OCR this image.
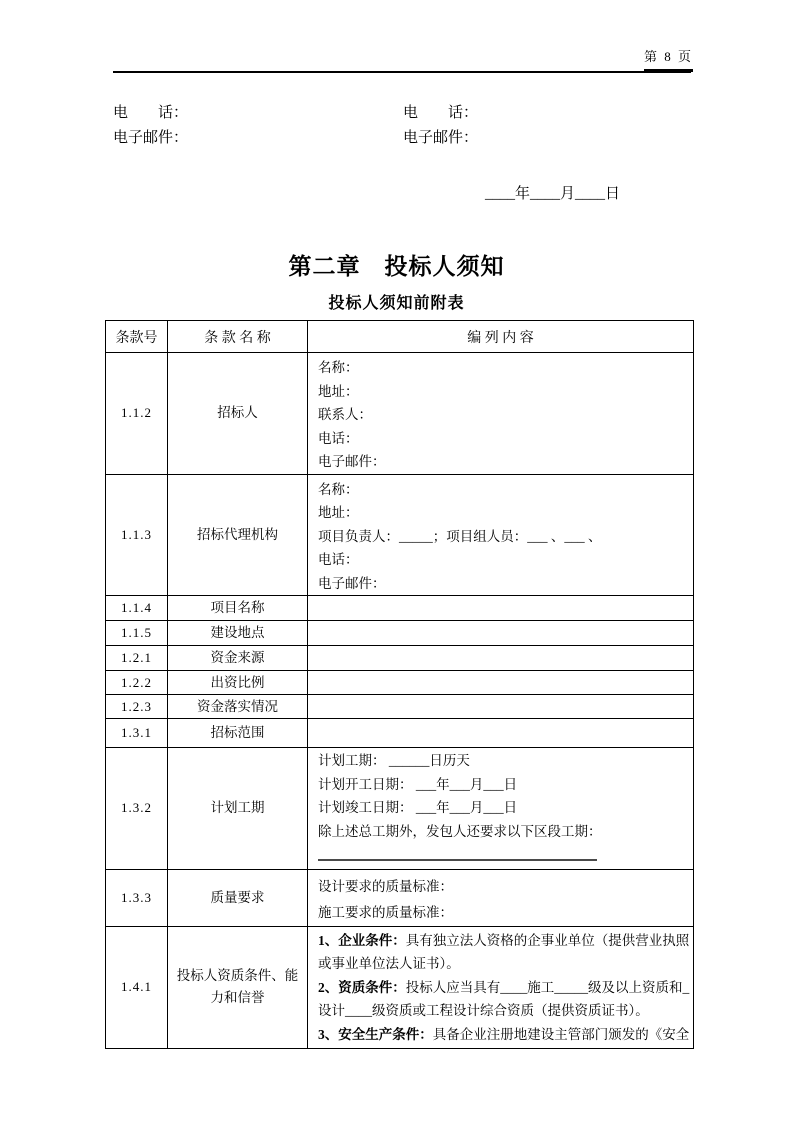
第 8 页
电　　话：
电子邮件：
电　　话：
电子邮件：
____年____月____日
第二章　投标人须知
投标人须知前附表
条款号	条 款 名 称	编 列 内 容
1.1.2	招标人	名称：
地址：
联系人：
电话：
电子邮件：

1.1.3	招标代理机构	名称：
地址：
项目负责人：_____；项目组人员：___ 、___ 、
电话：
电子邮件：

1.1.4	项目名称	
1.1.5	建设地点	
1.2.1	资金来源	
1.2.2	出资比例	
1.2.3	资金落实情况	
1.3.1	招标范围	
1.3.2	计划工期	计划工期： ______日历天
计划开工日期： ___年___月___日
计划竣工日期： ___年___月___日
除上述总工期外，发包人还要求以下区段工期：

1.3.3	质量要求	设计要求的质量标准：
施工要求的质量标准：

1.4.1	投标人资质条件、能力和信誉	1、企业条件：具有独立法人资格的企事业单位（提供营业执照
或事业单位法人证书）。
2、资质条件：投标人应当具有____施工_____级及以上资质和_
设计____级资质或工程设计综合资质（提供资质证书）。
3、安全生产条件：具备企业注册地建设主管部门颁发的《安全
